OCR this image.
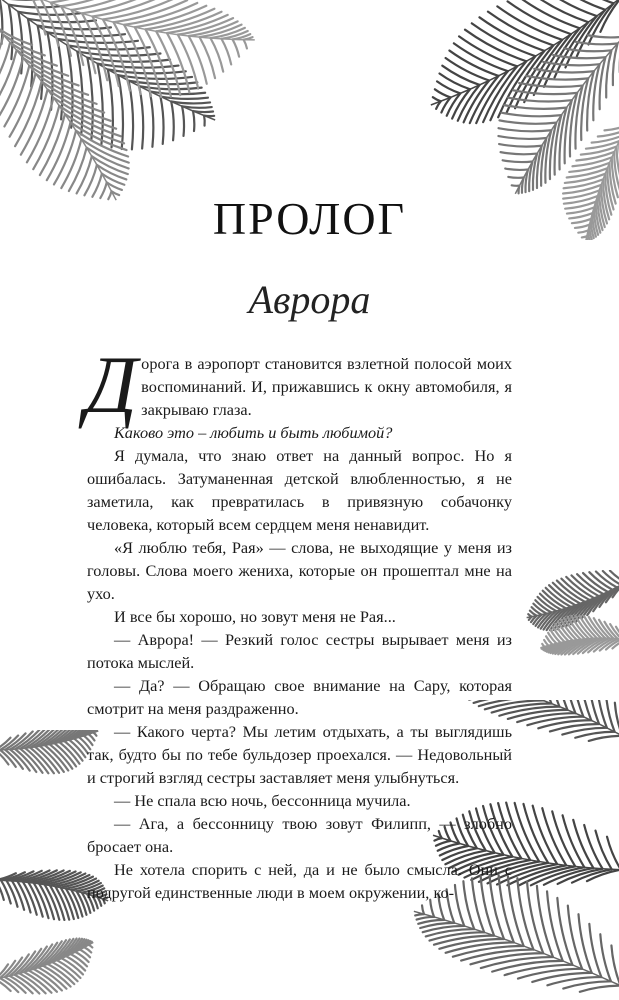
ПРОЛОГ
Аврора

Дорога в аэропорт становится взлетной полосой моих воспоминаний. И, прижавшись к окну автомобиля, я закрываю глаза.

Каково это – любить и быть любимой?

Я думала, что знаю ответ на данный вопрос. Но я ошибалась. Затуманенная детской влюбленностью, я не заметила, как превратилась в привязную собачонку человека, который всем сердцем меня ненавидит.

«Я люблю тебя, Рая» — слова, не выходящие у меня из головы. Слова моего жениха, которые он прошептал мне на ухо.

И все бы хорошо, но зовут меня не Рая...

— Аврора! — Резкий голос сестры вырывает меня из потока мыслей.

— Да? — Обращаю свое внимание на Сару, которая смотрит на меня раздраженно.

— Какого черта? Мы летим отдыхать, а ты выглядишь так, будто бы по тебе бульдозер проехался. — Недовольный и строгий взгляд сестры заставляет меня улыбнуться.

— Не спала всю ночь, бессонница мучила.

— Ага, а бессонницу твою зовут Филипп, — злобно бросает она.

Не хотела спорить с ней, да и не было смысла. Они с подругой единственные люди в моем окружении, ко-
